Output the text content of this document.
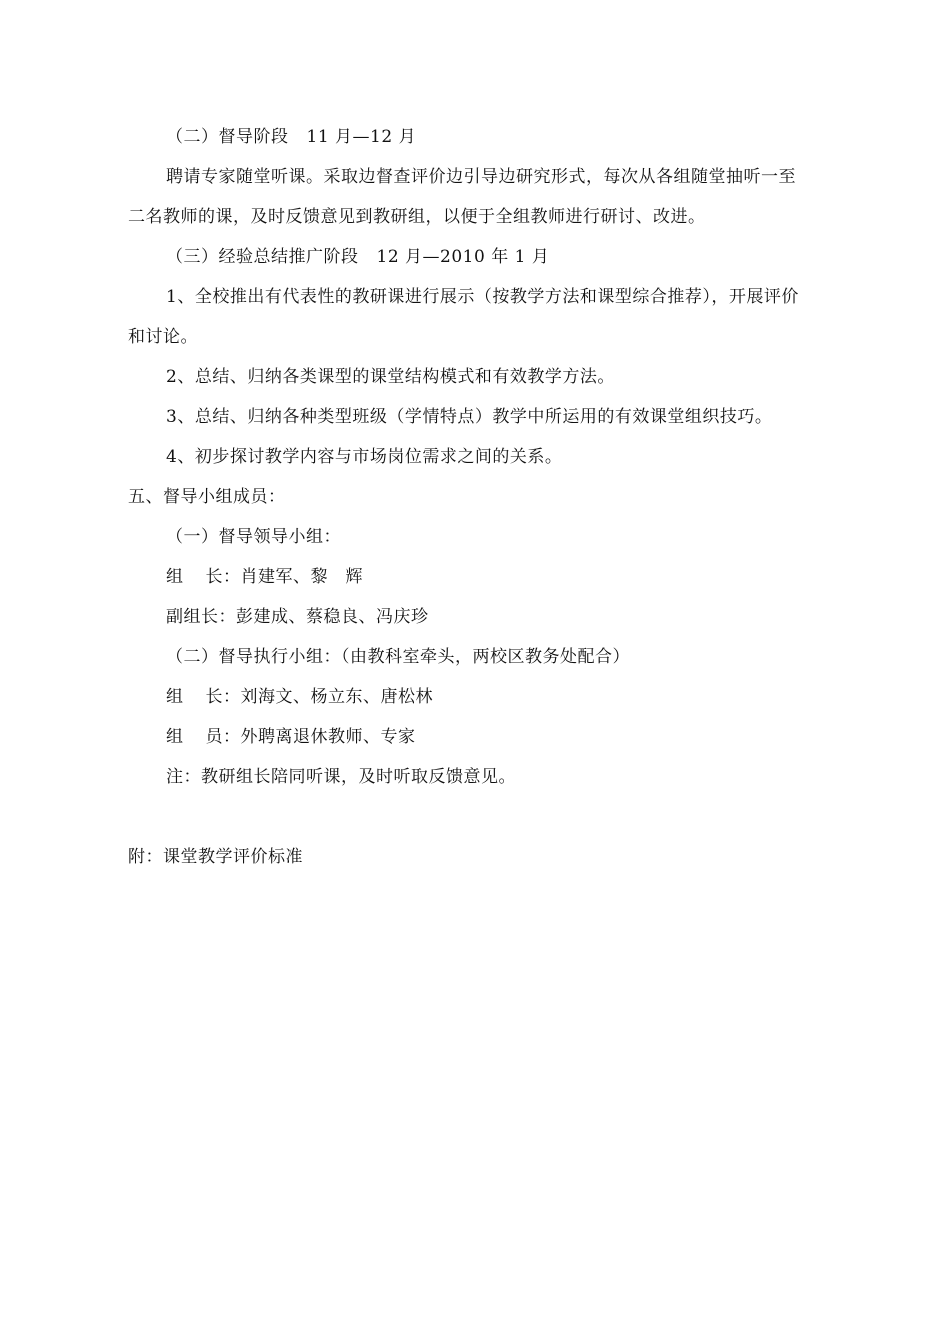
（二）督导阶段 11 月—12 月
聘请专家随堂听课。采取边督查评价边引导边研究形式，每次从各组随堂抽听一至
二名教师的课，及时反馈意见到教研组，以便于全组教师进行研讨、改进。
（三）经验总结推广阶段 12 月—2010 年 1 月
1、全校推出有代表性的教研课进行展示（按教学方法和课型综合推荐），开展评价
和讨论。
2、总结、归纳各类课型的课堂结构模式和有效教学方法。
3、总结、归纳各种类型班级（学情特点）教学中所运用的有效课堂组织技巧。
4、初步探讨教学内容与市场岗位需求之间的关系。
五、督导小组成员：
（一）督导领导小组：
组 长：肖建军、黎　辉
副组长：彭建成、蔡稳良、冯庆珍
（二）督导执行小组：（由教科室牵头，两校区教务处配合）
组 长：刘海文、杨立东、唐松林
组 员：外聘离退休教师、专家
注：教研组长陪同听课，及时听取反馈意见。
附：课堂教学评价标准
